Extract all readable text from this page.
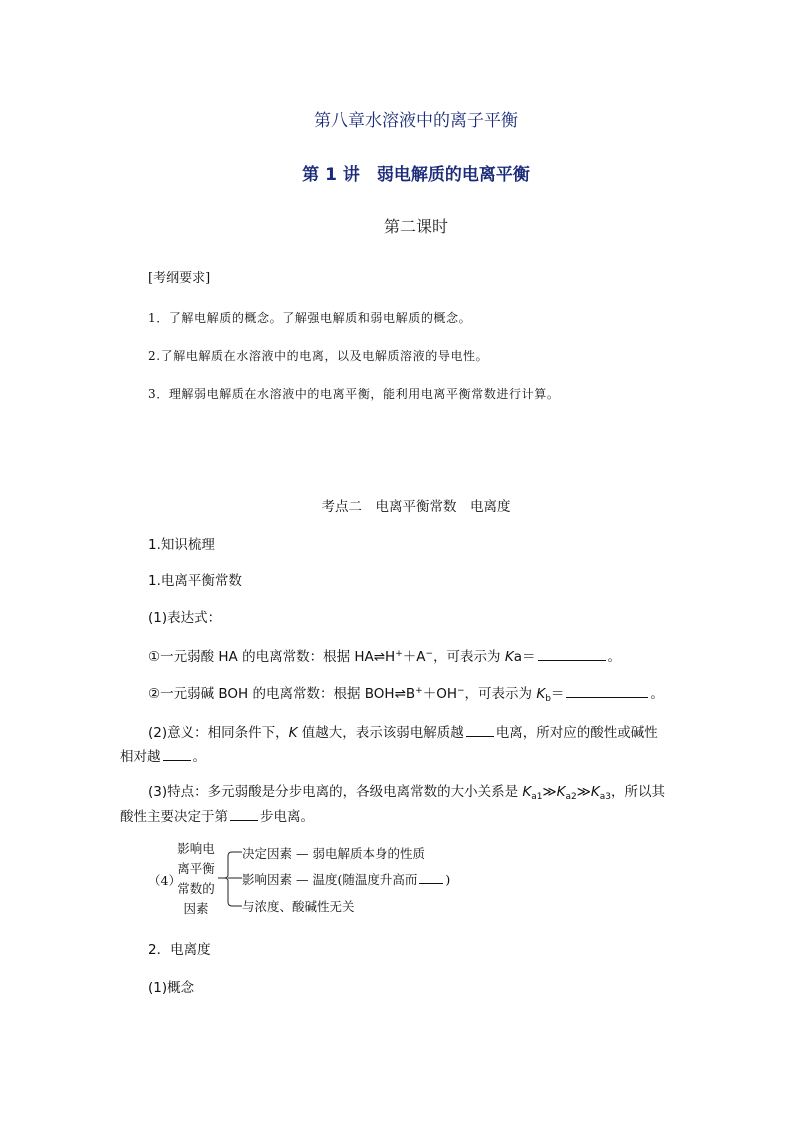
第八章水溶液中的离子平衡
第 1 讲　弱电解质的电离平衡
第二课时
[考纲要求]
1．了解电解质的概念。了解强电解质和弱电解质的概念。
2.了解电解质在水溶液中的电离，以及电解质溶液的导电性。
3．理解弱电解质在水溶液中的电离平衡，能利用电离平衡常数进行计算。
考点二　电离平衡常数　电离度
1.知识梳理
1.电离平衡常数
(1)表达式：
①一元弱酸 HA 的电离常数：根据 HA⇌H+＋A−，可表示为 Ka＝	。
②一元弱碱 BOH 的电离常数：根据 BOH⇌B+＋OH−，可表示为 $K_b=$	。
(2)意义：相同条件下，K 值越大，表示该弱电解质越 电离，所对应的酸性或碱性
相对越 。
(3)特点：多元弱酸是分步电离的，各级电离常数的大小关系是 $K_{a1}≫K_{a2}≫K_{a3}$，所以其
酸性主要决定于第 步电离。
（4）
影响电
离平衡
常数的
因素
决定因素 — 弱电解质本身的性质
影响因素 — 温度(随温度升高而 )
与浓度、酸碱性无关
2．电离度
(1)概念
